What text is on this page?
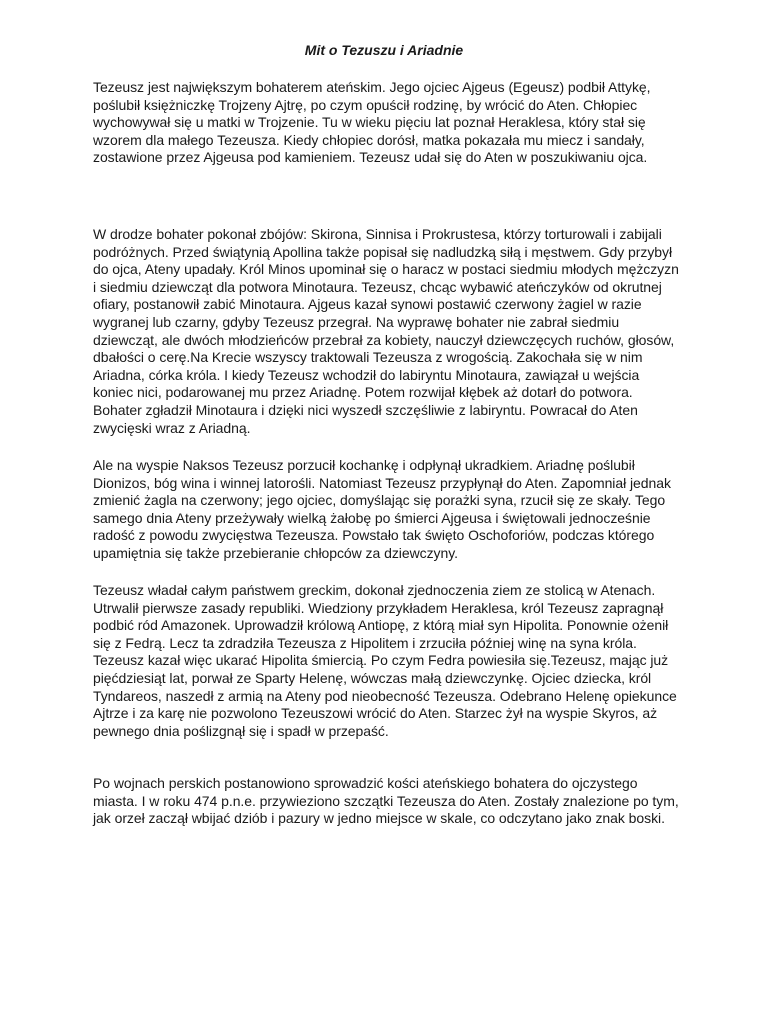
Mit o Tezuszu i Ariadnie

Tezeusz jest największym bohaterem ateńskim. Jego ojciec Ajgeus (Egeusz) podbił Attykę, poślubił księżniczkę Trojzeny Ajtrę, po czym opuścił rodzinę, by wrócić do Aten. Chłopiec wychowywał się u matki w Trojzenie. Tu w wieku pięciu lat poznał Heraklesa, który stał się wzorem dla małego Tezeusza. Kiedy chłopiec dorósł, matka pokazała mu miecz i sandały, zostawione przez Ajgeusa pod kamieniem. Tezeusz udał się do Aten w poszukiwaniu ojca.

W drodze bohater pokonał zbójów: Skirona, Sinnisa i Prokrustesa, którzy torturowali i zabijali podróżnych. Przed świątynią Apollina także popisał się nadludzką siłą i męstwem. Gdy przybył do ojca, Ateny upadały. Król Minos upominał się o haracz w postaci siedmiu młodych mężczyzn i siedmiu dziewcząt dla potwora Minotaura. Tezeusz, chcąc wybawić ateńczyków od okrutnej ofiary, postanowił zabić Minotaura. Ajgeus kazał synowi postawić czerwony żagiel w razie wygranej lub czarny, gdyby Tezeusz przegrał. Na wyprawę bohater nie zabrał siedmiu dziewcząt, ale dwóch młodzieńców przebrał za kobiety, nauczył dziewczęcych ruchów, głosów, dbałości o cerę.Na Krecie wszyscy traktowali Tezeusza z wrogością. Zakochała się w nim Ariadna, córka króla. I kiedy Tezeusz wchodził do labiryntu Minotaura, zawiązał u wejścia koniec nici, podarowanej mu przez Ariadnę. Potem rozwijał kłębek aż dotarł do potwora. Bohater zgładził Minotaura i dzięki nici wyszedł szczęśliwie z labiryntu. Powracał do Aten zwycięski wraz z Ariadną.

Ale na wyspie Naksos Tezeusz porzucił kochankę i odpłynął ukradkiem. Ariadnę poślubił Dionizos, bóg wina i winnej latorośli. Natomiast Tezeusz przypłynął do Aten. Zapomniał jednak zmienić żagla na czerwony; jego ojciec, domyślając się porażki syna, rzucił się ze skały. Tego samego dnia Ateny przeżywały wielką żałobę po śmierci Ajgeusa i świętowali jednocześnie radość z powodu zwycięstwa Tezeusza. Powstało tak święto Oschoforiów, podczas którego upamiętnia się także przebieranie chłopców za dziewczyny.

Tezeusz władał całym państwem greckim, dokonał zjednoczenia ziem ze stolicą w Atenach. Utrwalił pierwsze zasady republiki. Wiedziony przykładem Heraklesa, król Tezeusz zapragnął podbić ród Amazonek. Uprowadził królową Antiopę, z którą miał syn Hipolita. Ponownie ożenił się z Fedrą. Lecz ta zdradziła Tezeusza z Hipolitem i zrzuciła później winę na syna króla. Tezeusz kazał więc ukarać Hipolita śmiercią. Po czym Fedra powiesiła się.Tezeusz, mając już pięćdziesiąt lat, porwał ze Sparty Helenę, wówczas małą dziewczynkę. Ojciec dziecka, król Tyndareos, naszedł z armią na Ateny pod nieobecność Tezeusza. Odebrano Helenę opiekunce Ajtrze i za karę nie pozwolono Tezeuszowi wrócić do Aten. Starzec żył na wyspie Skyros, aż pewnego dnia poślizgnął się i spadł w przepaść.

Po wojnach perskich postanowiono sprowadzić kości ateńskiego bohatera do ojczystego miasta. I w roku 474 p.n.e. przywieziono szczątki Tezeusza do Aten. Zostały znalezione po tym, jak orzeł zaczął wbijać dziób i pazury w jedno miejsce w skale, co odczytano jako znak boski.
